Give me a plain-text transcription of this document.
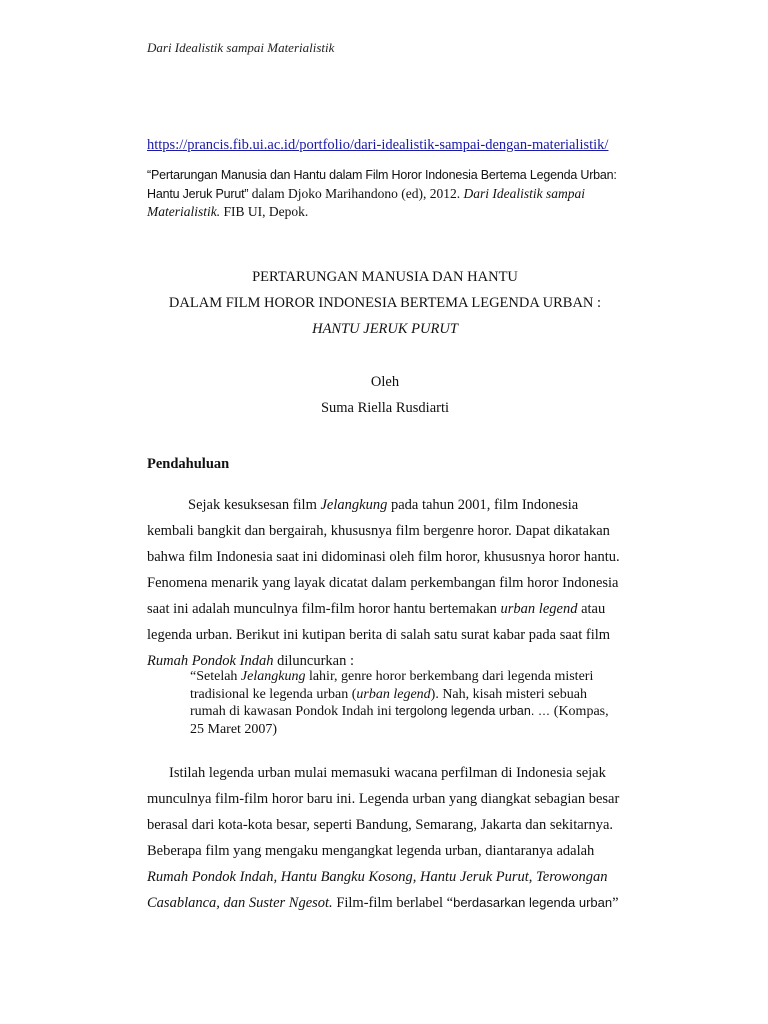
Dari Idealistik sampai Materialistik
https://prancis.fib.ui.ac.id/portfolio/dari-idealistik-sampai-dengan-materialistik/
“Pertarungan Manusia dan Hantu dalam Film Horor Indonesia Bertema Legenda Urban:
Hantu Jeruk Purut” dalam Djoko Marihandono (ed), 2012. Dari Idealistik sampai
Materialistik. FIB UI, Depok.
PERTARUNGAN MANUSIA DAN HANTU
DALAM FILM HOROR INDONESIA BERTEMA LEGENDA URBAN :
HANTU JERUK PURUT
Oleh
Suma Riella Rusdiarti
Pendahuluan
Sejak kesuksesan film Jelangkung pada tahun 2001, film Indonesia
kembali bangkit dan bergairah, khususnya film bergenre horor. Dapat dikatakan
bahwa film Indonesia saat ini didominasi oleh film horor, khususnya horor hantu.
Fenomena menarik yang layak dicatat dalam perkembangan film horor Indonesia
saat ini adalah munculnya film-film horor hantu bertemakan urban legend atau
legenda urban. Berikut ini kutipan berita di salah satu surat kabar pada saat film
Rumah Pondok Indah diluncurkan :
“Setelah Jelangkung lahir, genre horor berkembang dari legenda misteri
tradisional ke legenda urban (urban legend). Nah, kisah misteri sebuah
rumah di kawasan Pondok Indah ini tergolong legenda urban. … (Kompas,
25 Maret 2007)
Istilah legenda urban mulai memasuki wacana perfilman di Indonesia sejak
munculnya film-film horor baru ini. Legenda urban yang diangkat sebagian besar
berasal dari kota-kota besar, seperti Bandung, Semarang, Jakarta dan sekitarnya.
Beberapa film yang mengaku mengangkat legenda urban, diantaranya adalah
Rumah Pondok Indah, Hantu Bangku Kosong, Hantu Jeruk Purut, Terowongan
Casablanca, dan Suster Ngesot. Film-film berlabel “berdasarkan legenda urban”
